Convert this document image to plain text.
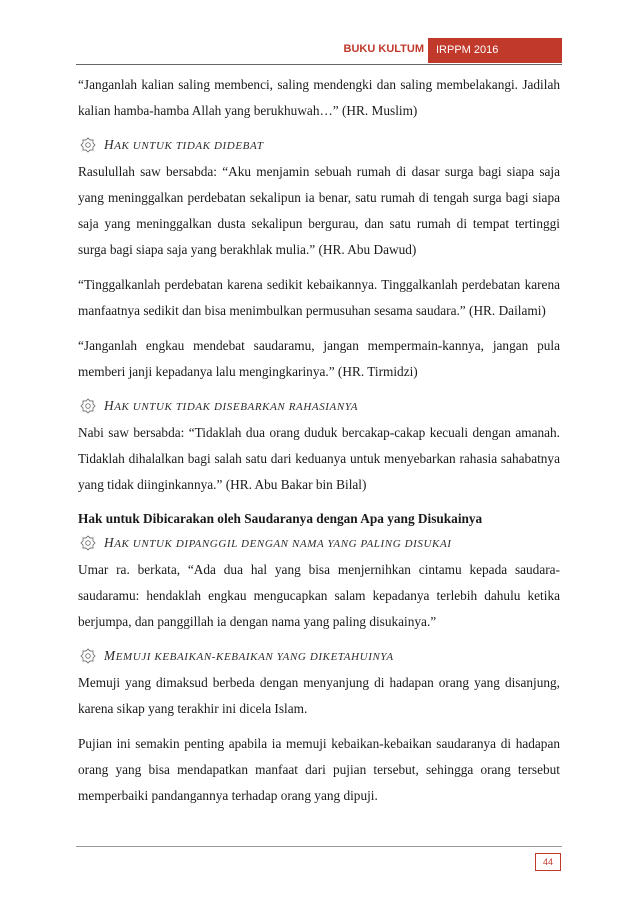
BUKU KULTUM	IRPPM 2016

“Janganlah kalian saling membenci, saling mendengki dan saling membelakangi. Jadilah kalian hamba-hamba Allah yang berukhuwah…” (HR. Muslim)

HAK UNTUK TIDAK DIDEBAT

Rasulullah saw bersabda: “Aku menjamin sebuah rumah di dasar surga bagi siapa saja yang meninggalkan perdebatan sekalipun ia benar, satu rumah di tengah surga bagi siapa saja yang meninggalkan dusta sekalipun bergurau, dan satu rumah di tempat tertinggi surga bagi siapa saja yang berakhlak mulia.” (HR. Abu Dawud)

“Tinggalkanlah perdebatan karena sedikit kebaikannya. Tinggalkanlah perdebatan karena manfaatnya sedikit dan bisa menimbulkan permusuhan sesama saudara.” (HR. Dailami)

“Janganlah engkau mendebat saudaramu, jangan mempermain-kannya, jangan pula memberi janji kepadanya lalu mengingkarinya.” (HR. Tirmidzi)

HAK UNTUK TIDAK DISEBARKAN RAHASIANYA

Nabi saw bersabda: “Tidaklah dua orang duduk bercakap-cakap kecuali dengan amanah. Tidaklah dihalalkan bagi salah satu dari keduanya untuk menyebarkan rahasia sahabatnya yang tidak diinginkannya.” (HR. Abu Bakar bin Bilal)

Hak untuk Dibicarakan oleh Saudaranya dengan Apa yang Disukainya
HAK UNTUK DIPANGGIL DENGAN NAMA YANG PALING DISUKAI

Umar ra. berkata, “Ada dua hal yang bisa menjernihkan cintamu kepada saudara-saudaramu: hendaklah engkau mengucapkan salam kepadanya terlebih dahulu ketika berjumpa, dan panggillah ia dengan nama yang paling disukainya.”

MEMUJI KEBAIKAN-KEBAIKAN YANG DIKETAHUINYA

Memuji yang dimaksud berbeda dengan menyanjung di hadapan orang yang disanjung, karena sikap yang terakhir ini dicela Islam.

Pujian ini semakin penting apabila ia memuji kebaikan-kebaikan saudaranya di hadapan orang yang bisa mendapatkan manfaat dari pujian tersebut, sehingga orang tersebut memperbaiki pandangannya terhadap orang yang dipuji.

44
